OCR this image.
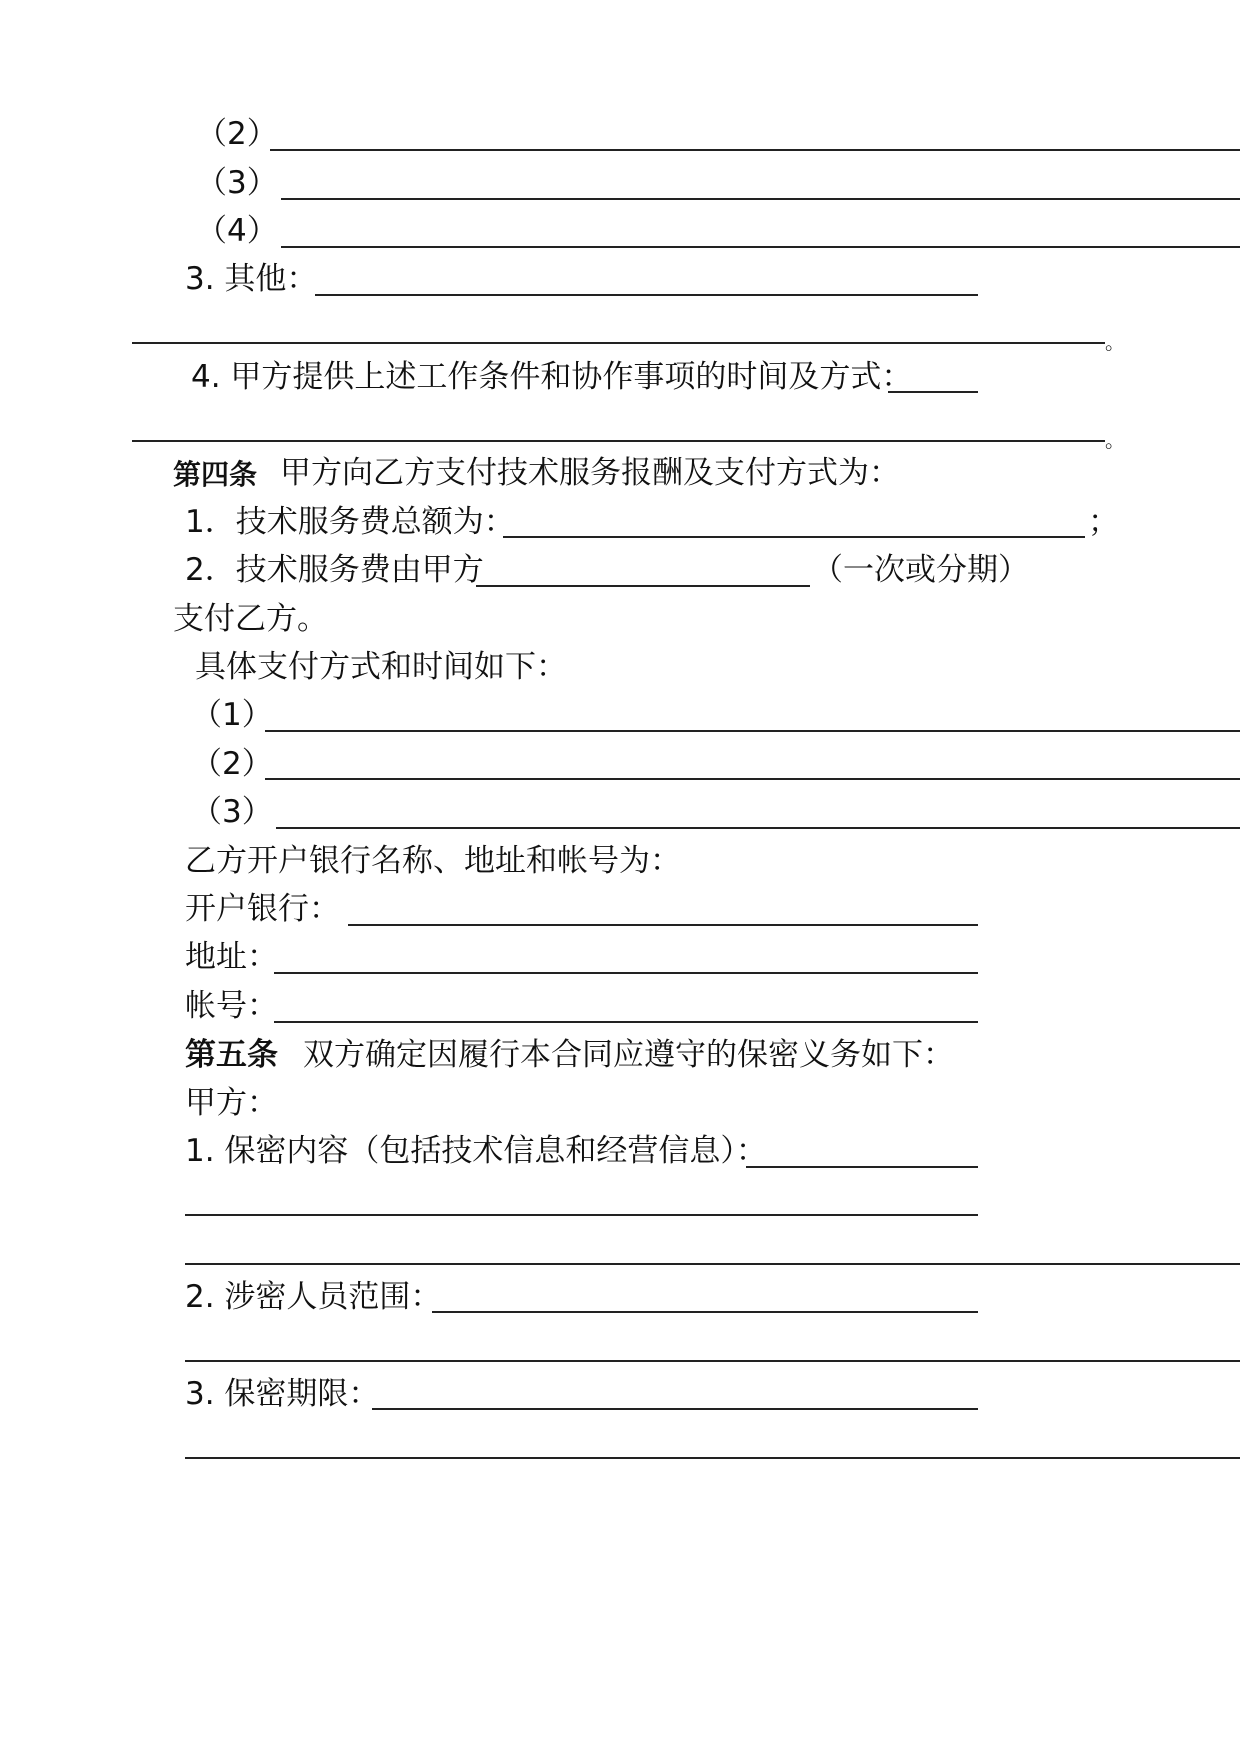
（2）
（3）
（4）
3. 其他：
。
4. 甲方提供上述工作条件和协作事项的时间及方式：
。
第四条 甲方向乙方支付技术服务报酬及支付方式为：
1．技术服务费总额为：	；
2．技术服务费由甲方	（一次或分期）
支付乙方。
具体支付方式和时间如下：
（1）
（2）
（3）
乙方开户银行名称、地址和帐号为：
开户银行：
地址：
帐号：
第五条 双方确定因履行本合同应遵守的保密义务如下：
甲方：
1. 保密内容（包括技术信息和经营信息）：
2. 涉密人员范围：
3. 保密期限：
